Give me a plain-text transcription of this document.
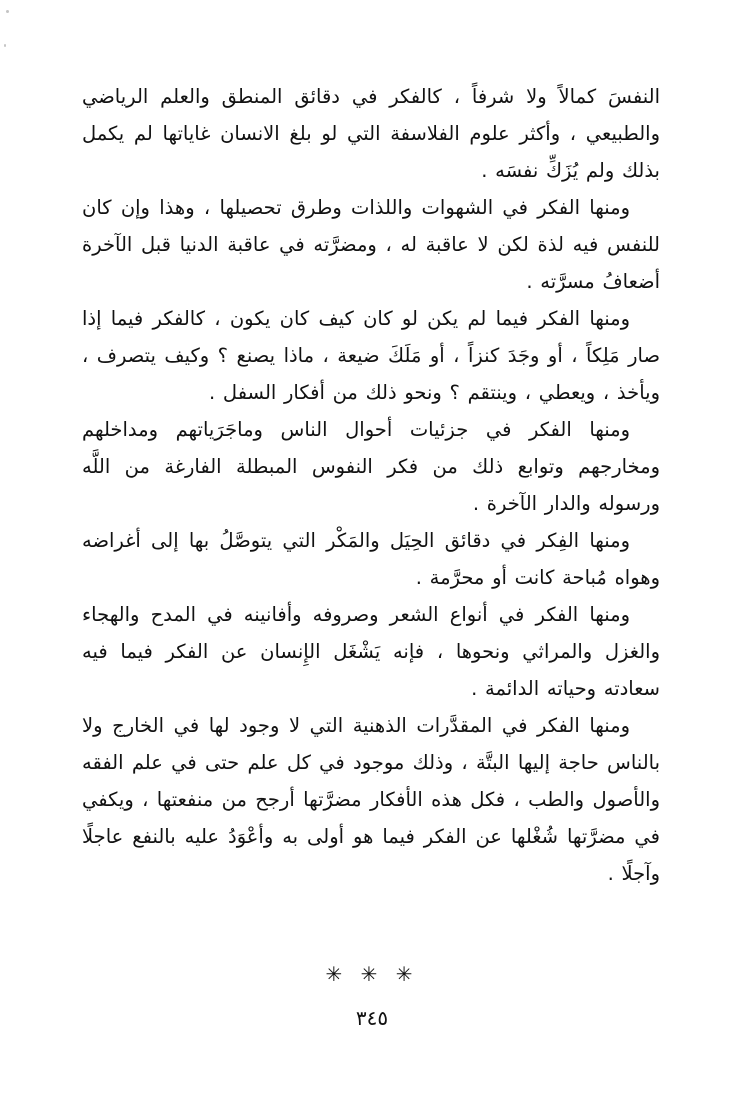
النفسَ كمالاً ولا شرفاً ، كالفكر في دقائق المنطق والعلم الرياضي والطبيعي ، وأكثر علوم الفلاسفة التي لو بلغ الانسان غاياتها لم يكمل بذلك ولم يُزَكِّ نفسَه .

ومنها الفكر في الشهوات واللذات وطرق تحصيلها ، وهذا وإن كان للنفس فيه لذة لكن لا عاقبة له ، ومضرَّته في عاقبة الدنيا قبل الآخرة أضعافُ مسرَّته .

ومنها الفكر فيما لم يكن لو كان كيف كان يكون ، كالفكر فيما إذا صار مَلِكاً ، أو وجَدَ كنزاً ، أو مَلَكَ ضيعة ، ماذا يصنع ؟ وكيف يتصرف ، ويأخذ ، ويعطي ، وينتقم ؟ ونحو ذلك من أفكار السفل .

ومنها الفكر في جزئيات أحوال الناس وماجَرَياتهم ومداخلهم ومخارجهم وتوابع ذلك من فكر النفوس المبطلة الفارغة من اللَّه ورسوله والدار الآخرة .

ومنها الفِكر في دقائق الحِيَل والمَكْر التي يتوصَّلُ بها إلى أغراضه وهواه مُباحة كانت أو محرَّمة .

ومنها الفكر في أنواع الشعر وصروفه وأفانينه في المدح والهجاء والغزل والمراثي ونحوها ، فإنه يَشْغَل الإِنسان عن الفكر فيما فيه سعادته وحياته الدائمة .

ومنها الفكر في المقدَّرات الذهنية التي لا وجود لها في الخارج ولا بالناس حاجة إليها البتَّة ، وذلك موجود في كل علم حتى في علم الفقه والأصول والطب ، فكل هذه الأفكار مضرَّتها أرجح من منفعتها ، ويكفي في مضرَّتها شُغْلها عن الفكر فيما هو أولى به وأعْوَدُ عليه بالنفع عاجلًا وآجلًا .

✳ ✳ ✳
٣٤٥
